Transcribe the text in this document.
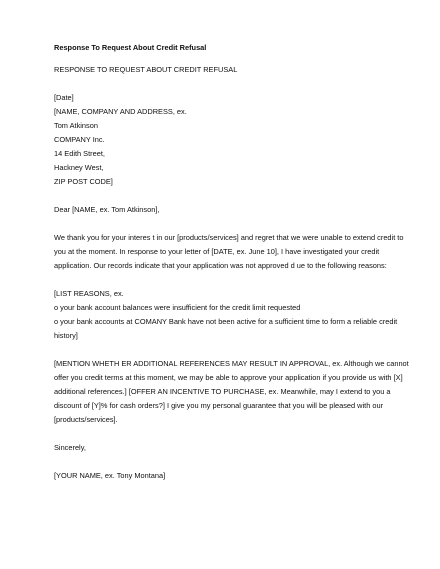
Response To Request About Credit Refusal
RESPONSE TO REQUEST ABOUT CREDIT REFUSAL
[Date]
[NAME, COMPANY AND ADDRESS, ex.
Tom Atkinson
COMPANY Inc.
14 Edith Street,
Hackney West,
ZIP POST CODE]
Dear [NAME, ex. Tom Atkinson],
We thank you for your interes t in our [products/services] and regret that we were unable to extend credit to
you at the moment. In response to your letter of [DATE, ex. June 10], I have investigated your credit
application. Our records indicate that your application was not approved d ue to the following reasons:
[LIST REASONS, ex.
o your bank account balances were insufficient for the credit limit requested
o your bank accounts at COMANY Bank have not been active for a sufficient time to form a reliable credit
history]
[MENTION WHETH ER ADDITIONAL REFERENCES MAY RESULT IN APPROVAL, ex. Although we cannot
offer you credit terms at this moment, we may be able to approve your application if you provide us with [X]
additional references.] [OFFER AN INCENTIVE TO PURCHASE, ex. Meanwhile, may I extend to you a
discount of [Y]% for cash orders?] I give you my personal guarantee that you will be pleased with our
[products/services].
Sincerely,
[YOUR NAME, ex. Tony Montana]
